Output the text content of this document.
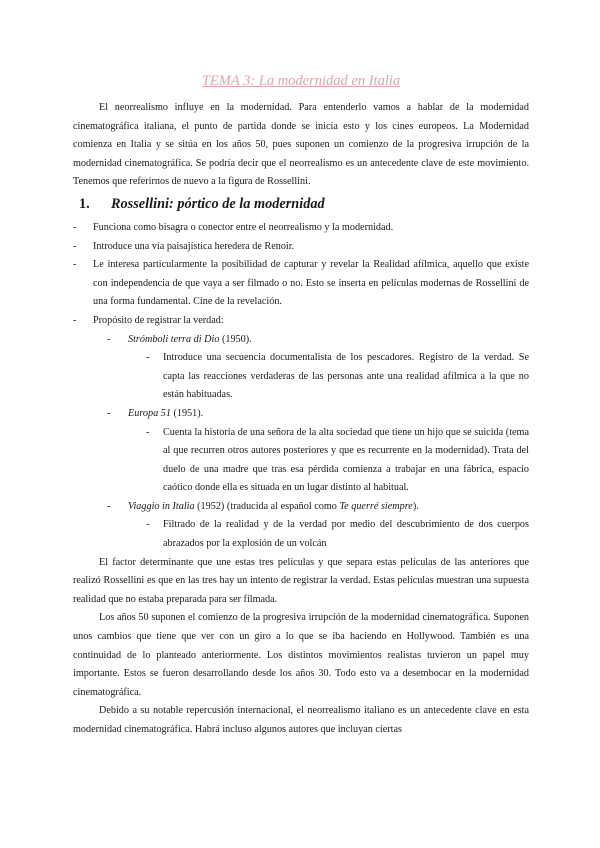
TEMA 3: La modernidad en Italia

El neorrealismo influye en la modernidad. Para entenderlo vamos a hablar de la modernidad cinematográfica italiana, el punto de partida donde se inicia esto y los cines europeos. La Modernidad comienza en Italia y se sitúa en los años 50, pues suponen un comienzo de la progresiva irrupción de la modernidad cinematográfica. Se podría decir que el neorrealismo es un antecedente clave de este movimiento. Tenemos que referirnos de nuevo a la figura de Rossellini.

1.	Rossellini: pórtico de la modernidad
- Funciona como bisagra o conector entre el neorrealismo y la modernidad.
- Introduce una vía paisajística heredera de Renoir.
- Le interesa particularmente la posibilidad de capturar y revelar la Realidad afílmica, aquello que existe con independencia de que vaya a ser filmado o no. Esto se inserta en películas modernas de Rossellini de una forma fundamental. Cine de la revelación.
- Propósito de registrar la verdad:
- Strómboli terra di Dio (1950).
- Introduce una secuencia documentalista de los pescadores. Registro de la verdad. Se capta las reacciones verdaderas de las personas ante una realidad afílmica a la que no están habituadas.
- Europa 51 (1951).
- Cuenta la historia de una señora de la alta sociedad que tiene un hijo que se suicida (tema al que recurren otros autores posteriores y que es recurrente en la modernidad). Trata del duelo de una madre que tras esa pérdida comienza a trabajar en una fábrica, espacio caótico donde ella es situada en un lugar distinto al habitual.
- Viaggio in Italia (1952) (traducida al español como Te querré siempre).
- Filtrado de la realidad y de la verdad por medio del descubrimiento de dos cuerpos abrazados por la explosión de un volcán

El factor determinante que une estas tres películas y que separa estas películas de las anteriores que realizó Rossellini es que en las tres hay un intento de registrar la verdad. Estas películas muestran una supuesta realidad que no estaba preparada para ser filmada.

Los años 50 suponen el comienzo de la progresiva irrupción de la modernidad cinematográfica. Suponen unos cambios que tiene que ver con un giro a lo que se iba haciendo en Hollywood. También es una continuidad de lo planteado anteriormente. Los distintos movimientos realistas tuvieron un papel muy importante. Estos se fueron desarrollando desde los años 30. Todo esto va a desembocar en la modernidad cinematográfica.

Debido a su notable repercusión internacional, el neorrealismo italiano es un antecedente clave en esta modernidad cinematográfica. Habrá incluso algunos autores que incluyan ciertas
